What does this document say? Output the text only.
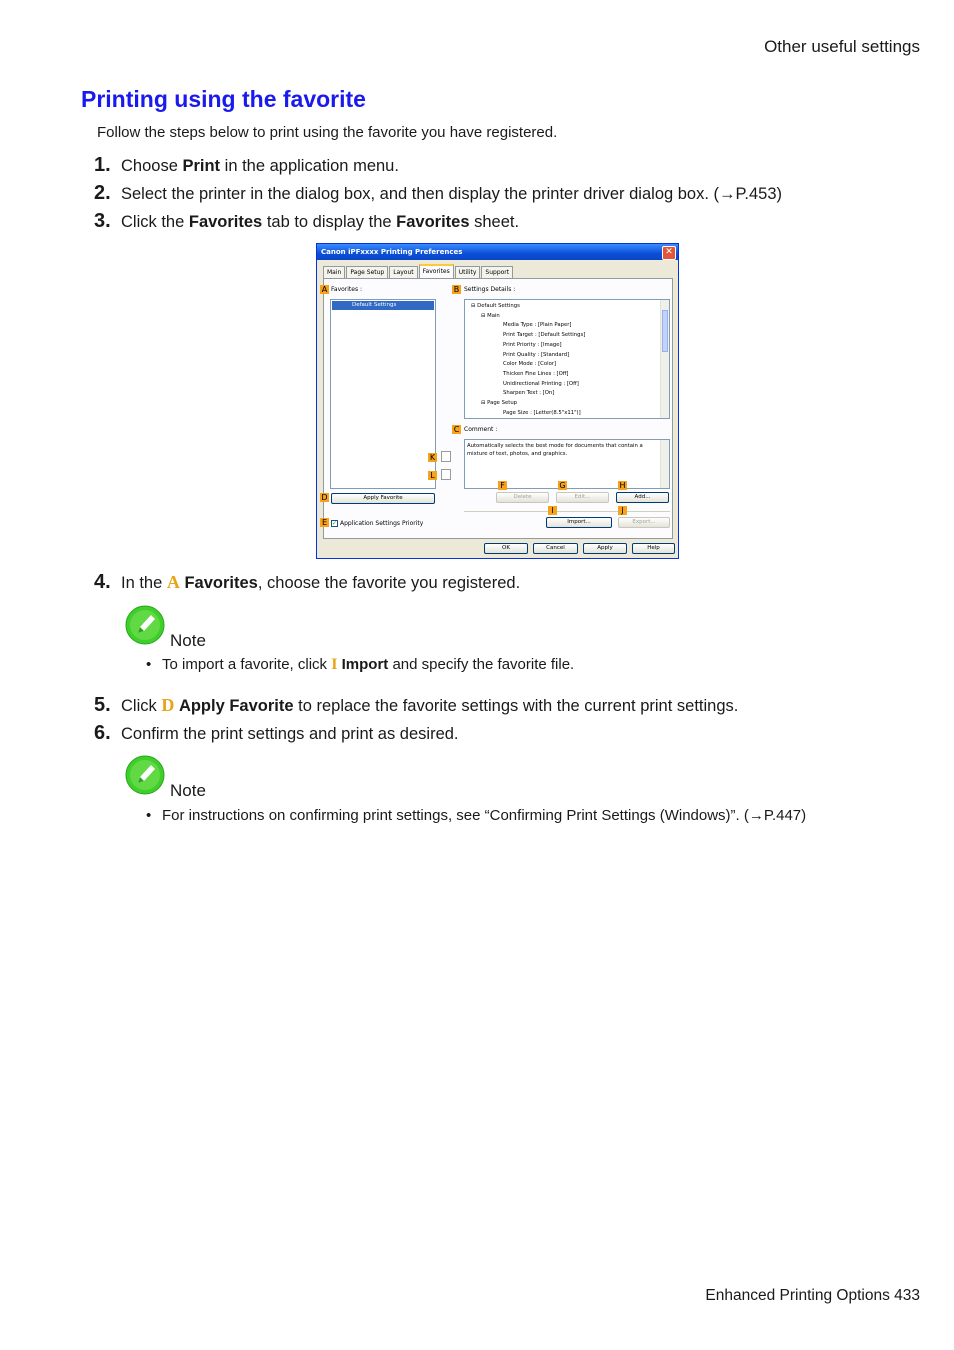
Other useful settings
Printing using the favorite
Follow the steps below to print using the favorite you have registered.
1. Choose Print in the application menu.
2. Select the printer in the dialog box, and then display the printer driver dialog box. (→P.453)
3. Click the Favorites tab to display the Favorites sheet.
Canon iPFxxxx Printing Preferences	✕
Main	Page Setup	Layout	Favorites	Utility	Support
A Favorites :
Default Settings
B Settings Details :
⊟ Default Settings
⊟ Main
Media Type : [Plain Paper]
Print Target : [Default Settings]
Print Priority : [Image]
Print Quality : [Standard]
Color Mode : [Color]
Thicken Fine Lines : [Off]
Unidirectional Printing : [Off]
Sharpen Text : [On]
⊟ Page Setup
Page Size : [Letter(8.5"x11")]
C Comment :
Automatically selects the best mode for documents that contain a mixture of text, photos, and graphics.
K
L
F	G	H
Delete	Edit...	Add...
D	Apply Favorite
I	J
E ✓ Application Settings Priority	Import...	Export...
OK	Cancel	Apply	Help
4. In the A Favorites, choose the favorite you registered.
Note
• To import a favorite, click I Import and specify the favorite file.
5. Click D Apply Favorite to replace the favorite settings with the current print settings.
6. Confirm the print settings and print as desired.
Note
• For instructions on confirming print settings, see “Confirming Print Settings (Windows)”. (→P.447)
Enhanced Printing Options 433
